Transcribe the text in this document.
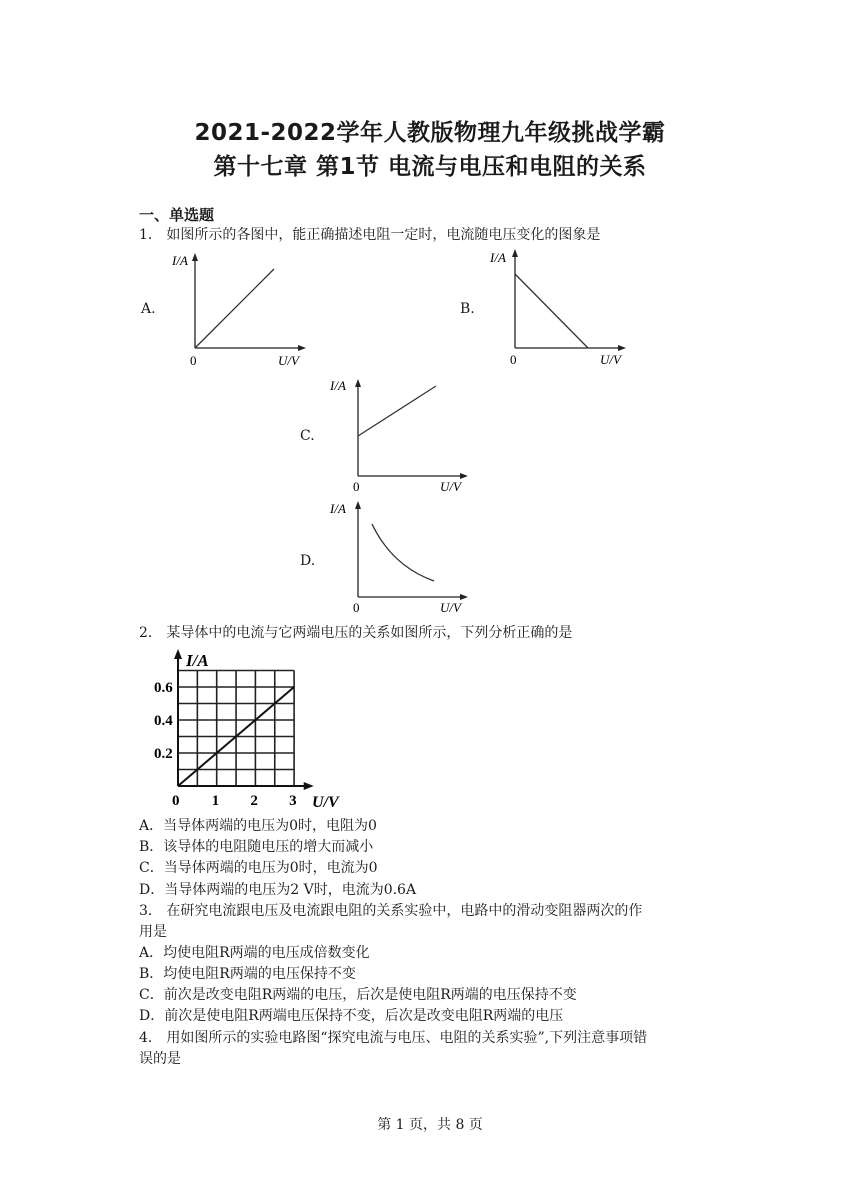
2021-2022学年人教版物理九年级挑战学霸
第十七章 第1节 电流与电压和电阻的关系
一、单选题
1． 如图所示的各图中，能正确描述电阻一定时，电流随电压变化的图象是
A.
I/A
0	U/V
B.
I/A
0	U/V
C.
I/A
0	U/V
D.
I/A
0	U/V
2． 某导体中的电流与它两端电压的关系如图所示，下列分析正确的是
0.2
0.4
0.6
1 2 3
I/A
U/V
0
A．当导体两端的电压为0时，电阻为0
B．该导体的电阻随电压的增大而减小
C．当导体两端的电压为0时，电流为0
D．当导体两端的电压为2 V时，电流为0.6A
3． 在研究电流跟电压及电流跟电阻的关系实验中，电路中的滑动变阻器两次的作
用是
A．均使电阻R两端的电压成倍数变化
B．均使电阻R两端的电压保持不变
C．前次是改变电阻R两端的电压，后次是使电阻R两端的电压保持不变
D．前次是使电阻R两端电压保持不变，后次是改变电阻R两端的电压
4． 用如图所示的实验电路图“探究电流与电压、电阻的关系实验”,下列注意事项错
误的是
第 1 页，共 8 页
